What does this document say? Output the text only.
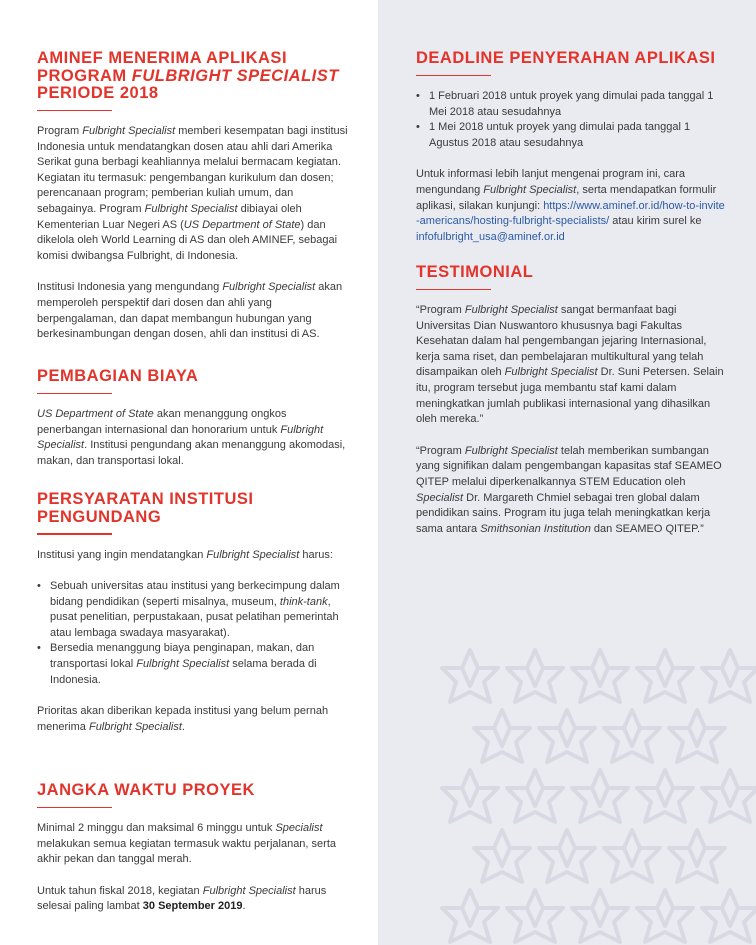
AMINEF MENERIMA APLIKASI
PROGRAM FULBRIGHT SPECIALIST
PERIODE 2018

Program Fulbright Specialist memberi kesempatan bagi institusi Indonesia untuk mendatangkan dosen atau ahli dari Amerika Serikat guna berbagi keahliannya melalui bermacam kegiatan. Kegiatan itu termasuk: pengembangan kurikulum dan dosen; perencanaan program; pemberian kuliah umum, dan sebagainya. Program Fulbright Specialist dibiayai oleh Kementerian Luar Negeri AS (US Department of State) dan dikelola oleh World Learning di AS dan oleh AMINEF, sebagai komisi dwibangsa Fulbright, di Indonesia.

Institusi Indonesia yang mengundang Fulbright Specialist akan memperoleh perspektif dari dosen dan ahli yang berpengalaman, dan dapat membangun hubungan yang berkesinambungan dengan dosen, ahli dan institusi di AS.

PEMBAGIAN BIAYA

US Department of State akan menanggung ongkos penerbangan internasional dan honorarium untuk Fulbright Specialist. Institusi pengundang akan menanggung akomodasi, makan, dan transportasi lokal.

PERSYARATAN INSTITUSI
PENGUNDANG

Institusi yang ingin mendatangkan Fulbright Specialist harus:

• Sebuah universitas atau institusi yang berkecimpung dalam bidang pendidikan (seperti misalnya, museum, think-tank, pusat penelitian, perpustakaan, pusat pelatihan pemerintah atau lembaga swadaya masyarakat).
• Bersedia menanggung biaya penginapan, makan, dan transportasi lokal Fulbright Specialist selama berada di Indonesia.

Prioritas akan diberikan kepada institusi yang belum pernah menerima Fulbright Specialist.

JANGKA WAKTU PROYEK

Minimal 2 minggu dan maksimal 6 minggu untuk Specialist melakukan semua kegiatan termasuk waktu perjalanan, serta akhir pekan dan tanggal merah.

Untuk tahun fiskal 2018, kegiatan Fulbright Specialist harus selesai paling lambat 30 September 2019.

DEADLINE PENYERAHAN APLIKASI
• 1 Februari 2018 untuk proyek yang dimulai pada tanggal 1 Mei 2018 atau sesudahnya
• 1 Mei 2018 untuk proyek yang dimulai pada tanggal 1 Agustus 2018 atau sesudahnya

Untuk informasi lebih lanjut mengenai program ini, cara mengundang Fulbright Specialist, serta mendapatkan formulir aplikasi, silakan kunjungi: https://www.aminef.or.id/how-to-invite-americans/hosting-fulbright-specialists/ atau kirim surel ke infofulbright_usa@aminef.or.id

TESTIMONIAL

“Program Fulbright Specialist sangat bermanfaat bagi Universitas Dian Nuswantoro khususnya bagi Fakultas Kesehatan dalam hal pengembangan jejaring Internasional, kerja sama riset, dan pembelajaran multikultural yang telah disampaikan oleh Fulbright Specialist Dr. Suni Petersen. Selain itu, program tersebut juga membantu staf kami dalam meningkatkan jumlah publikasi internasional yang dihasilkan oleh mereka.”

“Program Fulbright Specialist telah memberikan sumbangan yang signifikan dalam pengembangan kapasitas staf SEAMEO QITEP melalui diperkenalkannya STEM Education oleh Specialist Dr. Margareth Chmiel sebagai tren global dalam pendidikan sains. Program itu juga telah meningkatkan kerja sama antara Smithsonian Institution dan SEAMEO QITEP.”
